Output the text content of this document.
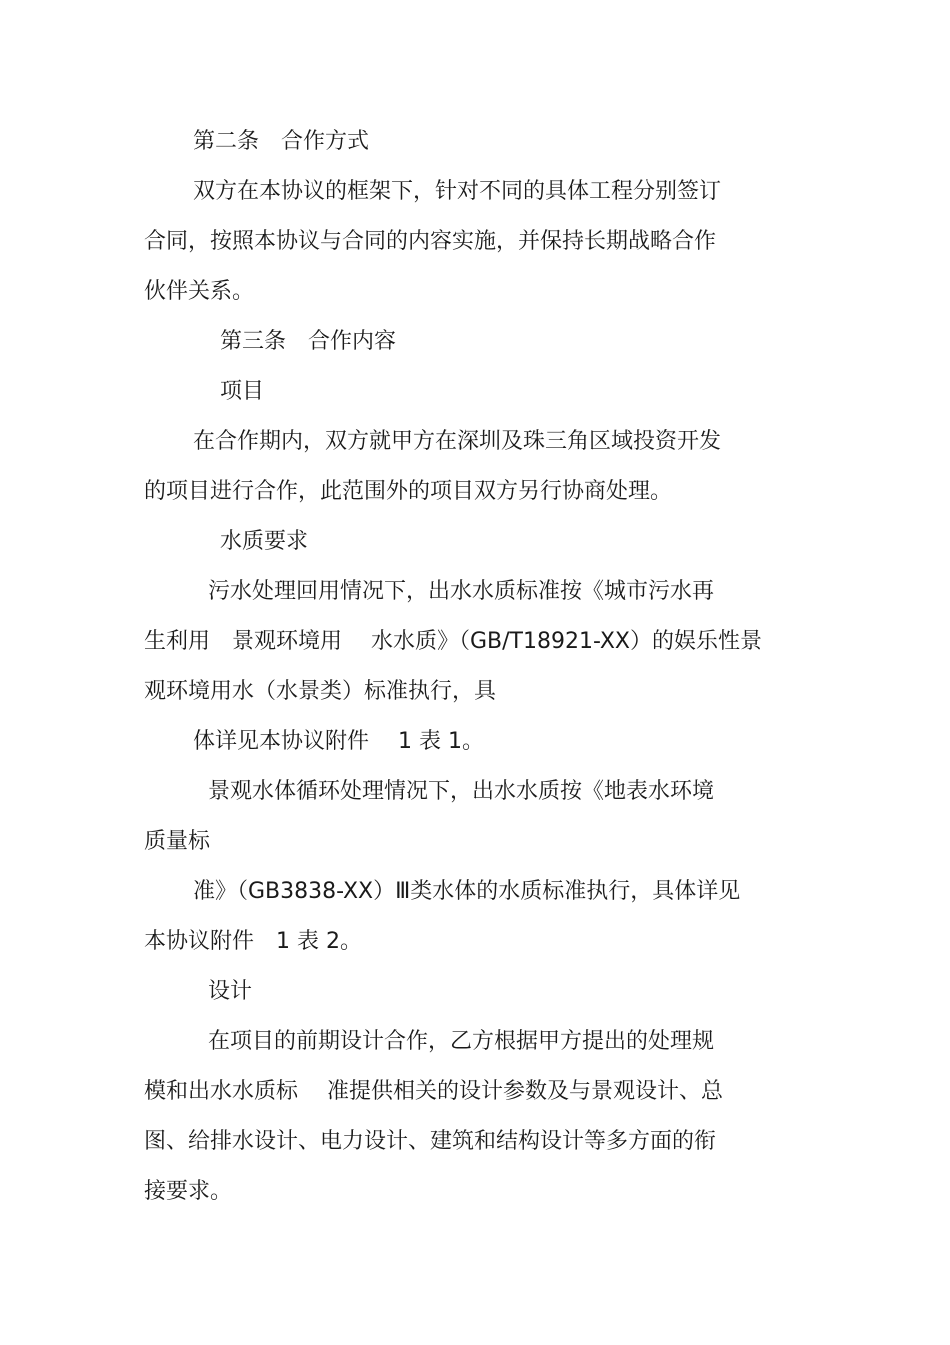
第二条　合作方式
双方在本协议的框架下，针对不同的具体工程分别签订
合同，按照本协议与合同的内容实施，并保持长期战略合作
伙伴关系。
第三条　合作内容
项目
在合作期内，双方就甲方在深圳及珠三角区域投资开发
的项目进行合作，此范围外的项目双方另行协商处理。
水质要求
污水处理回用情况下，出水水质标准按《城市污水再
生利用　景观环境用　 水水质》（GB/T18921-XX）的娱乐性景
观环境用水（水景类）标准执行，具
体详见本协议附件　 1 表 1。
景观水体循环处理情况下，出水水质按《地表水环境
质量标
准》（GB3838-XX）Ⅲ类水体的水质标准执行，具体详见
本协议附件　1 表 2。
设计
在项目的前期设计合作，乙方根据甲方提出的处理规
模和出水水质标　 准提供相关的设计参数及与景观设计、总
图、给排水设计、电力设计、建筑和结构设计等多方面的衔
接要求。
